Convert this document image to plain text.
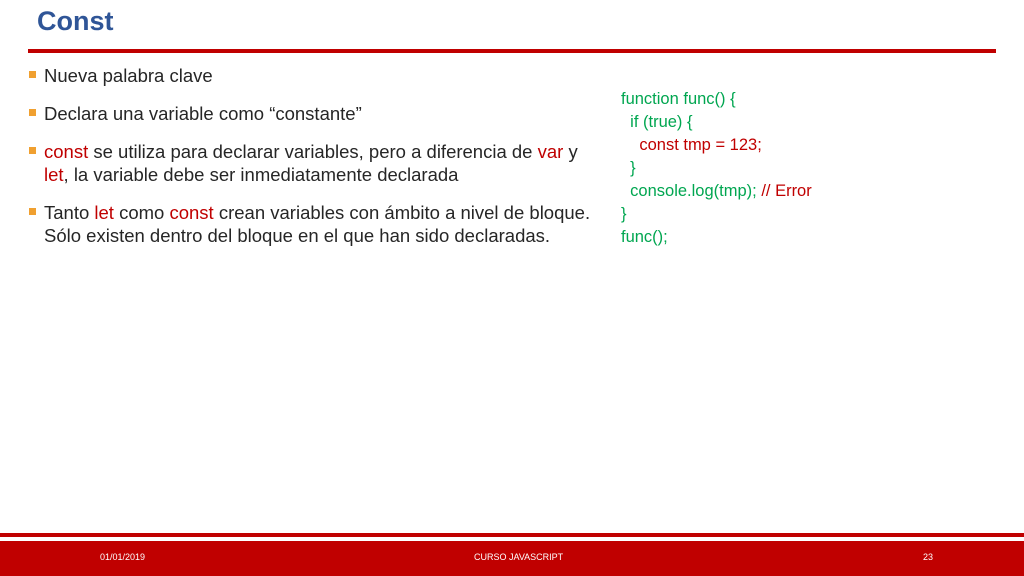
Const
Nueva palabra clave
Declara una variable como “constante”
const se utiliza para declarar variables, pero a diferencia de var y let, la variable debe ser inmediatamente declarada
Tanto let como const crean variables con ámbito a nivel de bloque. Sólo existen dentro del bloque en el que han sido declaradas.
function func() {
if (true) {
const tmp = 123;
}
console.log(tmp); // Error
}
func();
01/01/2019	CURSO JAVASCRIPT	23
